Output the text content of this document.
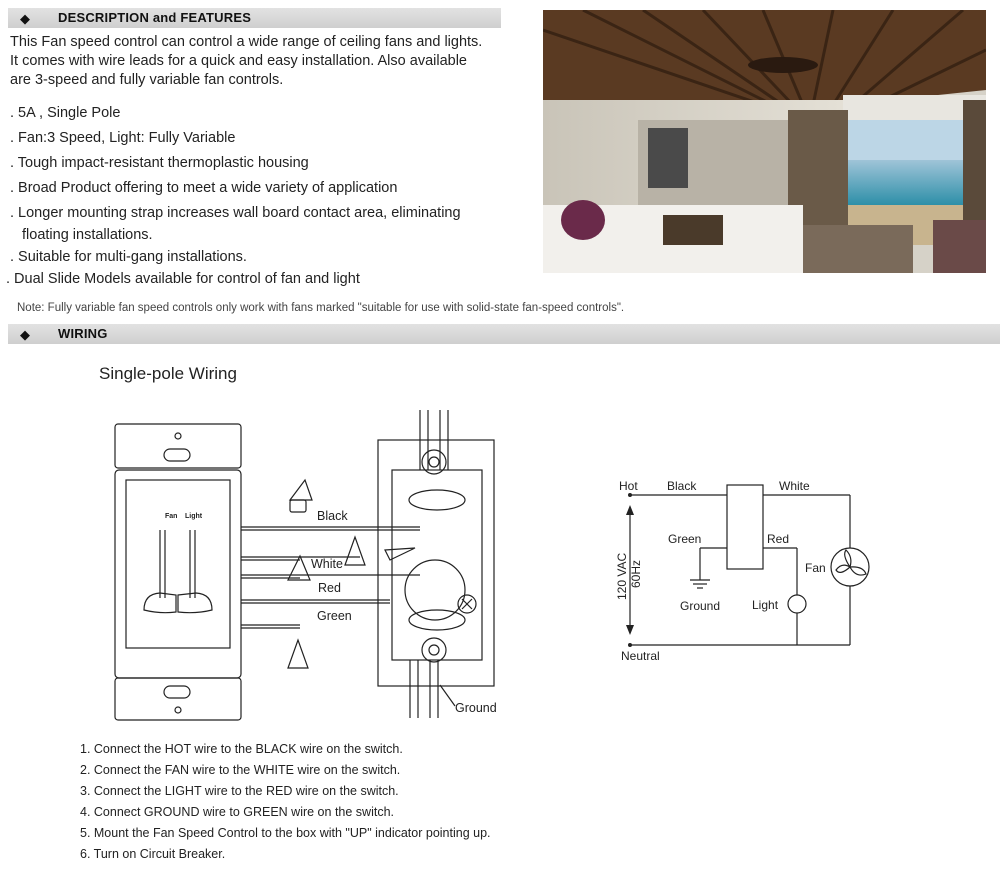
◆ DESCRIPTION and FEATURES
This Fan speed control can control a wide range of ceiling fans and lights.
It comes with wire leads for a quick and easy installation. Also available
are 3-speed and fully variable fan controls.
. 5A , Single Pole
. Fan:3 Speed, Light: Fully Variable
. Tough impact-resistant thermoplastic housing
. Broad Product offering to meet a wide variety of application
. Longer mounting strap increases wall board contact area, eliminating
floating installations.
. Suitable for multi-gang installations.
. Dual Slide Models available for control of fan and light
Note: Fully variable fan speed controls only work with fans marked "suitable for use with solid-state fan-speed controls".
◆ WIRING
Single-pole Wiring
Fan Light	Black
White
Red
Green
Ground
Hot Black	White
Green	Red
Fan
Ground	Light
Neutral
120 VAC 60Hz
1. Connect the HOT wire to the BLACK wire on the switch.
2. Connect the FAN wire to the WHITE wire on the switch.
3. Connect the LIGHT wire to the RED wire on the switch.
4. Connect GROUND wire to GREEN wire on the switch.
5. Mount the Fan Speed Control to the box with "UP" indicator pointing up.
6. Turn on Circuit Breaker.
